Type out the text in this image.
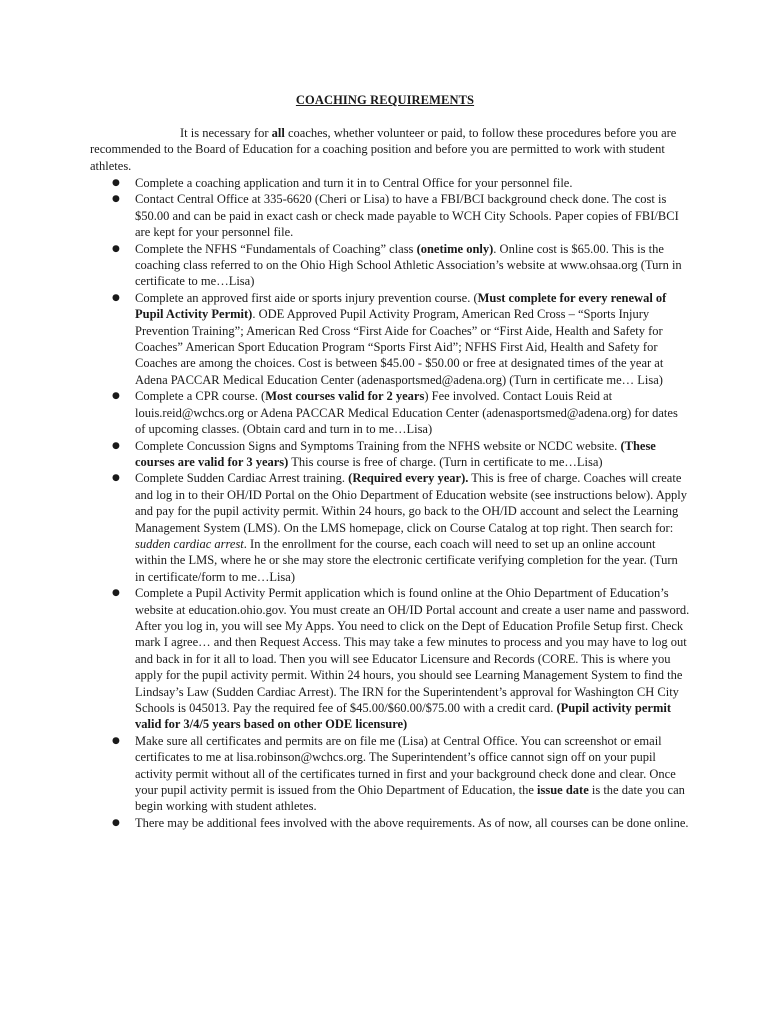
COACHING REQUIREMENTS

It is necessary for all coaches, whether volunteer or paid, to follow these procedures before you are recommended to the Board of Education for a coaching position and before you are permitted to work with student athletes.

● Complete a coaching application and turn it in to Central Office for your personnel file.
● Contact Central Office at 335-6620 (Cheri or Lisa) to have a FBI/BCI background check done. The cost is $50.00 and can be paid in exact cash or check made payable to WCH City Schools. Paper copies of FBI/BCI are kept for your personnel file.
● Complete the NFHS “Fundamentals of Coaching” class (onetime only). Online cost is $65.00. This is the coaching class referred to on the Ohio High School Athletic Association’s website at www.ohsaa.org (Turn in certificate to me…Lisa)
● Complete an approved first aide or sports injury prevention course. (Must complete for every renewal of Pupil Activity Permit). ODE Approved Pupil Activity Program, American Red Cross – “Sports Injury Prevention Training”; American Red Cross “First Aide for Coaches” or “First Aide, Health and Safety for Coaches” American Sport Education Program “Sports First Aid”; NFHS First Aid, Health and Safety for Coaches are among the choices. Cost is between $45.00 - $50.00 or free at designated times of the year at Adena PACCAR Medical Education Center (adenasportsmed@adena.org) (Turn in certificate me… Lisa)
● Complete a CPR course. (Most courses valid for 2 years) Fee involved. Contact Louis Reid at louis.reid@wchcs.org or Adena PACCAR Medical Education Center (adenasportsmed@adena.org) for dates of upcoming classes. (Obtain card and turn in to me…Lisa)
● Complete Concussion Signs and Symptoms Training from the NFHS website or NCDC website. (These courses are valid for 3 years) This course is free of charge. (Turn in certificate to me…Lisa)
● Complete Sudden Cardiac Arrest training. (Required every year). This is free of charge. Coaches will create and log in to their OH/ID Portal on the Ohio Department of Education website (see instructions below). Apply and pay for the pupil activity permit. Within 24 hours, go back to the OH/ID account and select the Learning Management System (LMS). On the LMS homepage, click on Course Catalog at top right. Then search for: sudden cardiac arrest. In the enrollment for the course, each coach will need to set up an online account within the LMS, where he or she may store the electronic certificate verifying completion for the year. (Turn in certificate/form to me…Lisa)
● Complete a Pupil Activity Permit application which is found online at the Ohio Department of Education’s website at education.ohio.gov. You must create an OH/ID Portal account and create a user name and password. After you log in, you will see My Apps. You need to click on the Dept of Education Profile Setup first. Check mark I agree… and then Request Access. This may take a few minutes to process and you may have to log out and back in for it all to load. Then you will see Educator Licensure and Records (CORE. This is where you apply for the pupil activity permit. Within 24 hours, you should see Learning Management System to find the Lindsay’s Law (Sudden Cardiac Arrest). The IRN for the Superintendent’s approval for Washington CH City Schools is 045013. Pay the required fee of $45.00/$60.00/$75.00 with a credit card. (Pupil activity permit valid for 3/4/5 years based on other ODE licensure)
● Make sure all certificates and permits are on file me (Lisa) at Central Office. You can screenshot or email certificates to me at lisa.robinson@wchcs.org. The Superintendent’s office cannot sign off on your pupil activity permit without all of the certificates turned in first and your background check done and clear. Once your pupil activity permit is issued from the Ohio Department of Education, the issue date is the date you can begin working with student athletes.
● There may be additional fees involved with the above requirements. As of now, all courses can be done online.
